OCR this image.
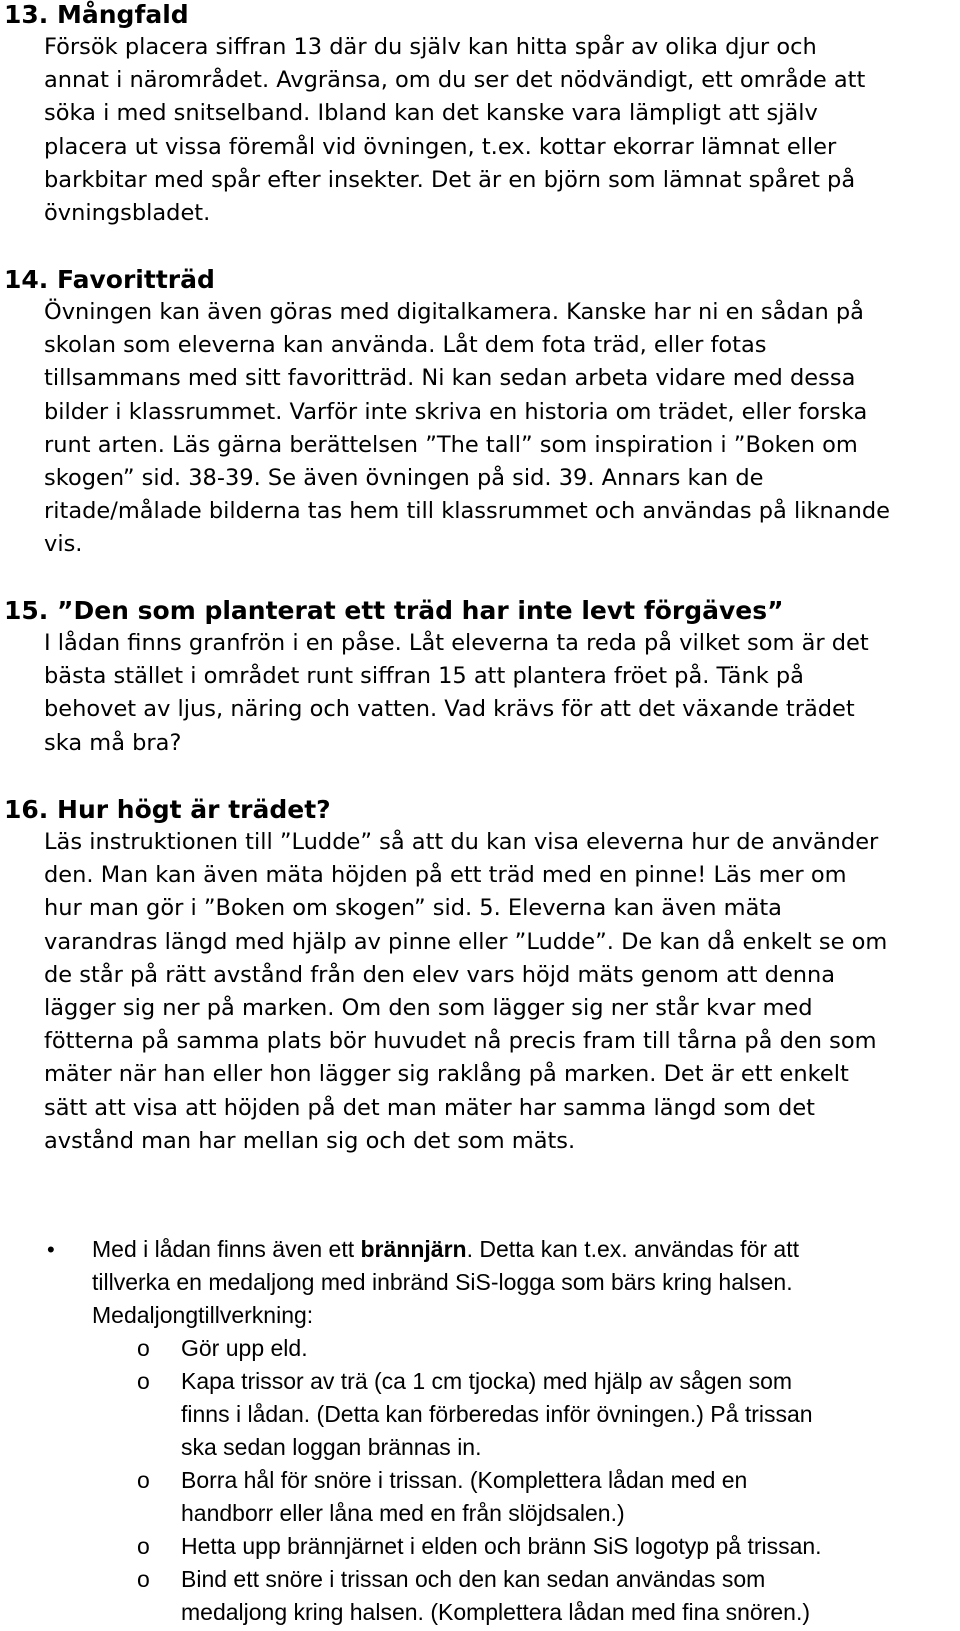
13. Mångfald
Försök placera siffran 13 där du själv kan hitta spår av olika djur och
annat i närområdet. Avgränsa, om du ser det nödvändigt, ett område att
söka i med snitselband. Ibland kan det kanske vara lämpligt att själv
placera ut vissa föremål vid övningen, t.ex. kottar ekorrar lämnat eller
barkbitar med spår efter insekter. Det är en björn som lämnat spåret på
övningsbladet.
14. Favoritträd
Övningen kan även göras med digitalkamera. Kanske har ni en sådan på
skolan som eleverna kan använda. Låt dem fota träd, eller fotas
tillsammans med sitt favoritträd. Ni kan sedan arbeta vidare med dessa
bilder i klassrummet. Varför inte skriva en historia om trädet, eller forska
runt arten. Läs gärna berättelsen ”The tall” som inspiration i ”Boken om
skogen” sid. 38-39. Se även övningen på sid. 39. Annars kan de
ritade/målade bilderna tas hem till klassrummet och användas på liknande
vis.
15. ”Den som planterat ett träd har inte levt förgäves”
I lådan finns granfrön i en påse. Låt eleverna ta reda på vilket som är det
bästa stället i området runt siffran 15 att plantera fröet på. Tänk på
behovet av ljus, näring och vatten. Vad krävs för att det växande trädet
ska må bra?
16. Hur högt är trädet?
Läs instruktionen till ”Ludde” så att du kan visa eleverna hur de använder
den. Man kan även mäta höjden på ett träd med en pinne! Läs mer om
hur man gör i ”Boken om skogen” sid. 5. Eleverna kan även mäta
varandras längd med hjälp av pinne eller ”Ludde”. De kan då enkelt se om
de står på rätt avstånd från den elev vars höjd mäts genom att denna
lägger sig ner på marken. Om den som lägger sig ner står kvar med
fötterna på samma plats bör huvudet nå precis fram till tårna på den som
mäter när han eller hon lägger sig raklång på marken. Det är ett enkelt
sätt att visa att höjden på det man mäter har samma längd som det
avstånd man har mellan sig och det som mäts.
• Med i lådan finns även ett brännjärn. Detta kan t.ex. användas för att
tillverka en medaljong med inbränd SiS-logga som bärs kring halsen.
Medaljongtillverkning:
o Gör upp eld.
o Kapa trissor av trä (ca 1 cm tjocka) med hjälp av sågen som
finns i lådan. (Detta kan förberedas inför övningen.) På trissan
ska sedan loggan brännas in.
o Borra hål för snöre i trissan. (Komplettera lådan med en
handborr eller låna med en från slöjdsalen.)
o Hetta upp brännjärnet i elden och bränn SiS logotyp på trissan.
o Bind ett snöre i trissan och den kan sedan användas som
medaljong kring halsen. (Komplettera lådan med fina snören.)
